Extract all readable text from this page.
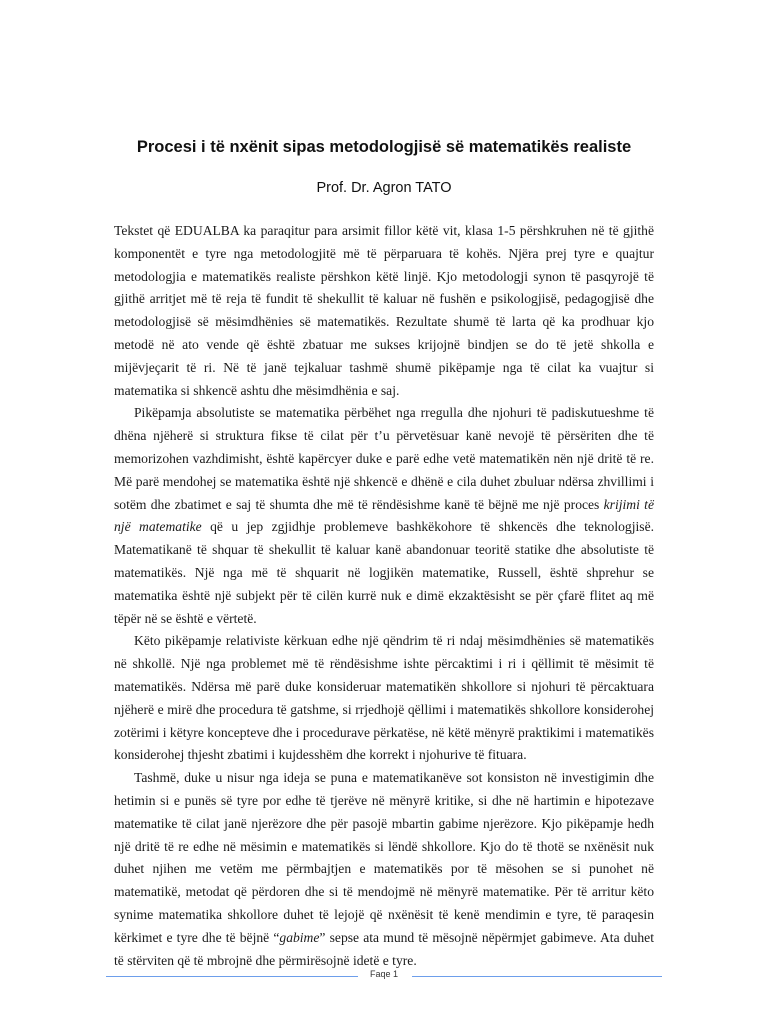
Procesi i të nxënit sipas metodologjisë së matematikës realiste
Prof. Dr. Agron TATO

Tekstet që EDUALBA ka paraqitur para arsimit fillor këtë vit, klasa 1-5 përshkruhen në të gjithë komponentët e tyre nga metodologjitë më të përparuara të kohës. Njëra prej tyre e quajtur metodologjia e matematikës realiste përshkon këtë linjë. Kjo metodologji synon të pasqyrojë të gjithë arritjet më të reja të fundit të shekullit të kaluar në fushën e psikologjisë, pedagogjisë dhe metodologjisë së mësimdhënies së matematikës. Rezultate shumë të larta që ka prodhuar kjo metodë në ato vende që është zbatuar me sukses krijojnë bindjen se do të jetë shkolla e mijëvjeçarit të ri. Në të janë tejkaluar tashmë shumë pikëpamje nga të cilat ka vuajtur si matematika si shkencë ashtu dhe mësimdhënia e saj.

Pikëpamja absolutiste se matematika përbëhet nga rregulla dhe njohuri të padiskutueshme të dhëna njëherë si struktura fikse të cilat për t’u përvetësuar kanë nevojë të përsëriten dhe të memorizohen vazhdimisht, është kapërcyer duke e parë edhe vetë matematikën nën një dritë të re. Më parë mendohej se matematika është një shkencë e dhënë e cila duhet zbuluar ndërsa zhvillimi i sotëm dhe zbatimet e saj të shumta dhe më të rëndësishme kanë të bëjnë me një proces krijimi të një matematike që u jep zgjidhje problemeve bashkëkohore të shkencës dhe teknologjisë. Matematikanë të shquar të shekullit të kaluar kanë abandonuar teoritë statike dhe absolutiste të matematikës. Një nga më të shquarit në logjikën matematike, Russell, është shprehur se matematika është një subjekt për të cilën kurrë nuk e dimë ekzaktësisht se për çfarë flitet aq më tëpër në se është e vërtetë.

Këto pikëpamje relativiste kërkuan edhe një qëndrim të ri ndaj mësimdhënies së matematikës në shkollë. Një nga problemet më të rëndësishme ishte përcaktimi i ri i qëllimit të mësimit të matematikës. Ndërsa më parë duke konsideruar matematikën shkollore si njohuri të përcaktuara njëherë e mirë dhe procedura të gatshme, si rrjedhojë qëllimi i matematikës shkollore konsiderohej zotërimi i këtyre koncepteve dhe i procedurave përkatëse, në këtë mënyrë praktikimi i matematikës konsiderohej thjesht zbatimi i kujdesshëm dhe korrekt i njohurive të fituara.

Tashmë, duke u nisur nga ideja se puna e matematikanëve sot konsiston në investigimin dhe hetimin si e punës së tyre por edhe të tjerëve në mënyrë kritike, si dhe në hartimin e hipotezave matematike të cilat janë njerëzore dhe për pasojë mbartin gabime njerëzore. Kjo pikëpamje hedh një dritë të re edhe në mësimin e matematikës si lëndë shkollore. Kjo do të thotë se nxënësit nuk duhet njihen me vetëm me përmbajtjen e matematikës por të mësohen se si punohet në matematikë, metodat që përdoren dhe si të mendojmë në mënyrë matematike. Për të arritur këto synime matematika shkollore duhet të lejojë që nxënësit të kenë mendimin e tyre, të paraqesin kërkimet e tyre dhe të bëjnë “gabime” sepse ata mund të mësojnë nëpërmjet gabimeve. Ata duhet të stërviten që të mbrojnë dhe përmirësojnë idetë e tyre.

Faqe 1
